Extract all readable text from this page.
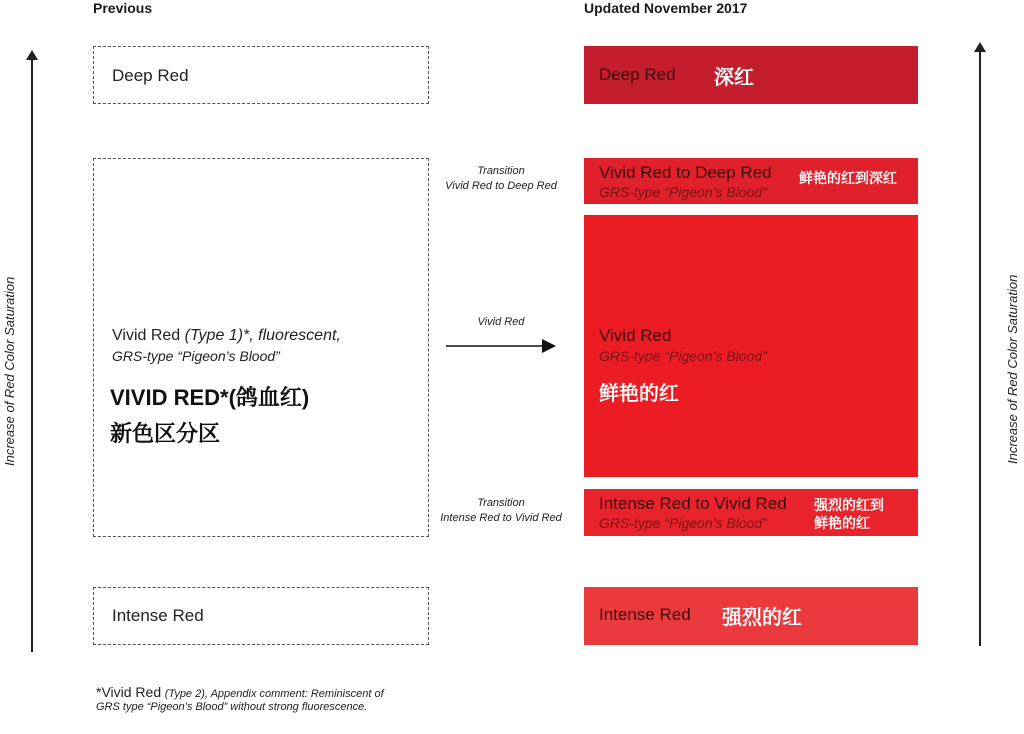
Previous	Updated November 2017
Increase of Red Color Saturation	Increase of Red Color Saturation
Deep Red
Vivid Red (Type 1)*, fluorescent,
GRS-type “Pigeon’s Blood”
VIVID RED*(鸽血红)
新色区分区
Intense Red
Transition
Vivid Red to Deep Red
Vivid Red
Transition
Intense Red to Vivid Red
Deep Red 深红
Vivid Red to Deep Red
GRS-type “Pigeon’s Blood”
鲜艳的红到深红
Vivid Red
GRS-type “Pigeon’s Blood”
鲜艳的红
Intense Red to Vivid Red
GRS-type “Pigeon’s Blood”
强烈的红到
鲜艳的红
Intense Red 强烈的红
*Vivid Red (Type 2), Appendix comment: Reminiscent of
GRS type “Pigeon’s Blood” without strong fluorescence.
